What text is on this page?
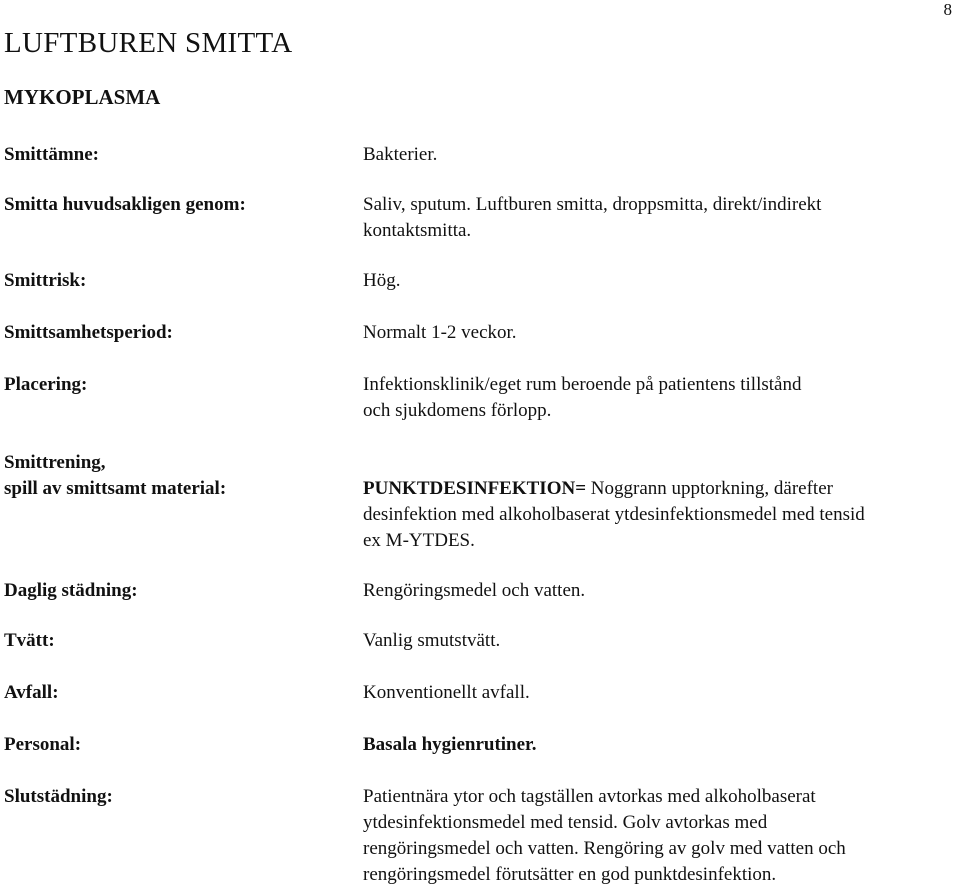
8
LUFTBUREN SMITTA
MYKOPLASMA
Smittämne:	Bakterier.
Smitta huvudsakligen genom:	Saliv, sputum. Luftburen smitta, droppsmitta, direkt/indirekt
kontaktsmitta.
Smittrisk:	Hög.
Smittsamhetsperiod:	Normalt 1-2 veckor.
Placering:	Infektionsklinik/eget rum beroende på patientens tillstånd
och sjukdomens förlopp.
Smittrening,
spill av smittsamt material:	PUNKTDESINFEKTION= Noggrann upptorkning, därefter
desinfektion med alkoholbaserat ytdesinfektionsmedel med tensid
ex M-YTDES.
Daglig städning:	Rengöringsmedel och vatten.
Tvätt:	Vanlig smutstvätt.
Avfall:	Konventionellt avfall.
Personal:	Basala hygienrutiner.
Slutstädning:	Patientnära ytor och tagställen avtorkas med alkoholbaserat
ytdesinfektionsmedel med tensid. Golv avtorkas med
rengöringsmedel och vatten. Rengöring av golv med vatten och
rengöringsmedel förutsätter en god punktdesinfektion.
